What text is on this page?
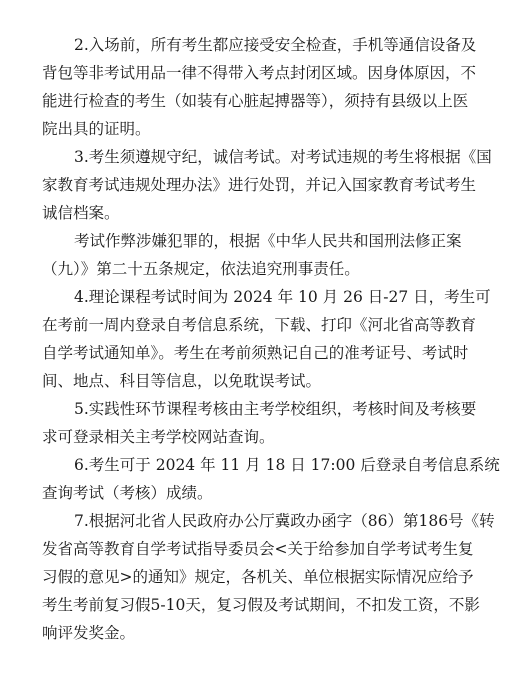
2.入场前，所有考生都应接受安全检查，手机等通信设备及
背包等非考试用品一律不得带入考点封闭区域。因身体原因，不
能进行检查的考生（如装有心脏起搏器等），须持有县级以上医
院出具的证明。
3.考生须遵规守纪，诚信考试。对考试违规的考生将根据《国
家教育考试违规处理办法》进行处罚，并记入国家教育考试考生
诚信档案。
考试作弊涉嫌犯罪的，根据《中华人民共和国刑法修正案
（九）》第二十五条规定，依法追究刑事责任。
4.理论课程考试时间为 2024 年 10 月 26 日-27 日，考生可
在考前一周内登录自考信息系统，下载、打印《河北省高等教育
自学考试通知单》。考生在考前须熟记自己的准考证号、考试时
间、地点、科目等信息，以免耽误考试。
5.实践性环节课程考核由主考学校组织，考核时间及考核要
求可登录相关主考学校网站查询。
6.考生可于 2024 年 11 月 18 日 17:00 后登录自考信息系统
查询考试（考核）成绩。
7.根据河北省人民政府办公厅冀政办函字（86）第186号《转
发省高等教育自学考试指导委员会<关于给参加自学考试考生复
习假的意见>的通知》规定，各机关、单位根据实际情况应给予
考生考前复习假5-10天，复习假及考试期间，不扣发工资，不影
响评发奖金。
